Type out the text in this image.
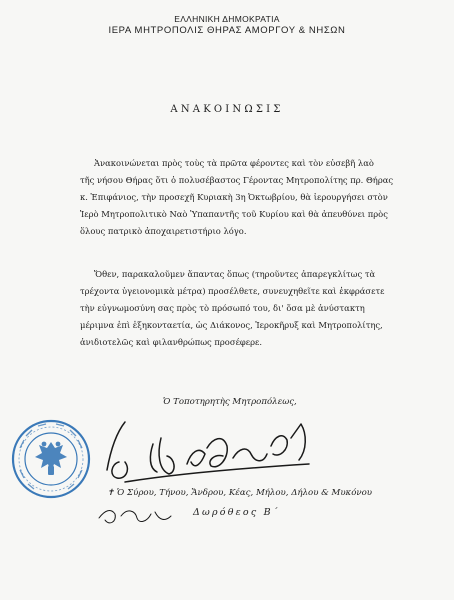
ΕΛΛΗΝΙΚΗ ΔΗΜΟΚΡΑΤΙΑ
ΙΕΡΑ ΜΗΤΡΟΠΟΛΙΣ ΘΗΡΑΣ ΑΜΟΡΓΟΥ & ΝΗΣΩΝ
ΑΝΑΚΟΙΝΩΣΙΣ

Ἀνακοινώνεται πρὸς τοὺς τὰ πρῶτα φέροντες καὶ τὸν εὐσεβῆ λαὸ

τῆς νήσου Θήρας ὅτι ὁ πολυσέβαστος Γέροντας Μητροπολίτης πρ. Θήρας

κ. Ἐπιφάνιος, τὴν προσεχῆ Κυριακὴ 3η Ὀκτωβρίου, θὰ ἱερουργήσει στὸν

Ἱερὸ Μητροπολιτικὸ Ναὸ Ὑπαπαντῆς τοῦ Κυρίου καὶ θὰ ἀπευθύνει πρὸς

ὅλους πατρικὸ ἀποχαιρετιστήριο λόγο.

Ὅθεν, παρακαλοῦμεν ἅπαντας ὅπως (τηροῦντες ἀπαρεγκλίτως τὰ

τρέχοντα ὑγειονομικὰ μέτρα) προσέλθετε, συνευχηθεῖτε καὶ ἐκφράσετε

τὴν εὐγνωμοσύνη σας πρὸς τὸ πρόσωπό του, δι' ὅσα μὲ ἀνύστακτη

μέριμνα ἐπὶ ἑξηκονταετία, ὡς Διάκονος, Ἱεροκῆρυξ καὶ Μητροπολίτης,

ἀνιδιοτελῶς καὶ φιλανθρώπως προσέφερε.

Ὁ Τοποτηρητὴς Μητροπόλεως,
✝ Ὁ Σύρου, Τήνου, Ἄνδρου, Κέας, Μήλου, Δήλου & Μυκόνου
Δωρόθεος Β΄
